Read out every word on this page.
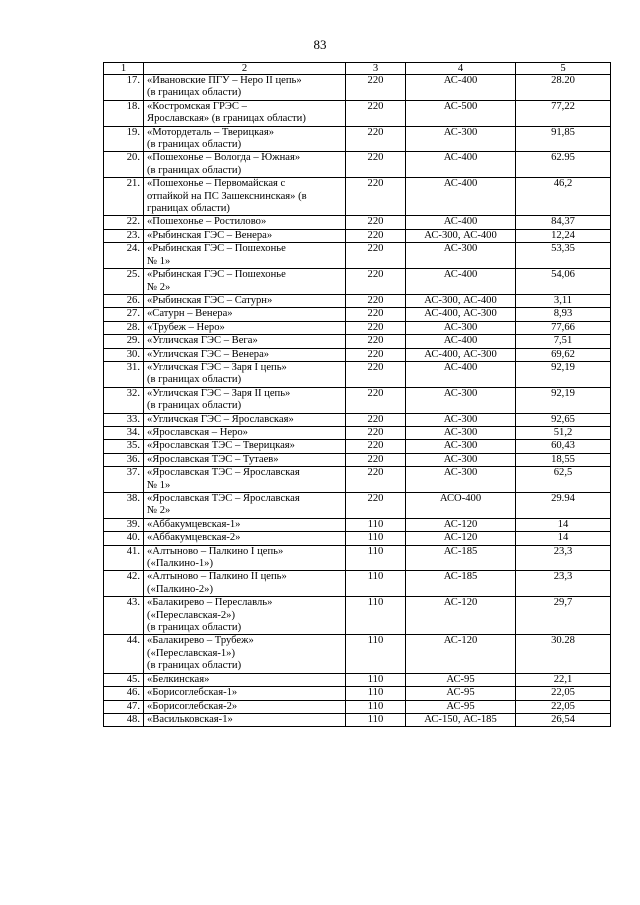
83
1	2	3	4	5
17.	«Ивановские ПГУ – Неро II цепь»
(в границах области)	220	АС-400	28.20
18.	«Костромская ГРЭС –
Ярославская» (в границах области)	220	АС-500	77,22
19.	«Мотордеталь – Тверицкая»
(в границах области)	220	АС-300	91,85
20.	«Пошехонье – Вологда – Южная»
(в границах области)	220	АС-400	62.95
21.	«Пошехонье – Первомайская с
отпайкой на ПС Зашекснинская» (в
границах области)	220	АС-400	46,2
22.	«Пошехонье – Ростилово»	220	АС-400	84,37
23.	«Рыбинская ГЭС – Венера»	220	АС-300, АС-400	12,24
24.	«Рыбинская ГЭС – Пошехонье
№ 1»	220	АС-300	53,35
25.	«Рыбинская ГЭС – Пошехонье
№ 2»	220	АС-400	54,06
26.	«Рыбинская ГЭС – Сатурн»	220	АС-300, АС-400	3,11
27.	«Сатурн – Венера»	220	АС-400, АС-300	8,93
28.	«Трубеж – Неро»	220	АС-300	77,66
29.	«Угличская ГЭС – Вега»	220	АС-400	7,51
30.	«Угличская ГЭС – Венера»	220	АС-400, АС-300	69,62
31.	«Угличская ГЭС – Заря I цепь»
(в границах области)	220	АС-400	92,19
32.	«Угличская ГЭС – Заря II цепь»
(в границах области)	220	АС-300	92,19
33.	«Угличская ГЭС – Ярославская»	220	АС-300	92,65
34.	«Ярославская – Неро»	220	АС-300	51,2
35.	«Ярославская ТЭС – Тверицкая»	220	АС-300	60,43
36.	«Ярославская ТЭС – Тутаев»	220	АС-300	18,55
37.	«Ярославская ТЭС – Ярославская
№ 1»	220	АС-300	62,5
38.	«Ярославская ТЭС – Ярославская
№ 2»	220	АСО-400	29.94
39.	«Аббакумцевская-1»	110	АС-120	14
40.	«Аббакумцевская-2»	110	АС-120	14
41.	«Алтыново – Палкино I цепь»
(«Палкино-1»)	110	АС-185	23,3
42.	«Алтыново – Палкино II цепь»
(«Палкино-2»)	110	АС-185	23,3
43.	«Балакирево – Переславль»
(«Переславская-2»)
(в границах области)	110	АС-120	29,7
44.	«Балакирево – Трубеж»
(«Переславская-1»)
(в границах области)	110	АС-120	30.28
45.	«Белкинская»	110	АС-95	22,1
46.	«Борисоглебская-1»	110	АС-95	22,05
47.	«Борисоглебская-2»	110	АС-95	22,05
48.	«Васильковская-1»	110	АС-150, АС-185	26,54
